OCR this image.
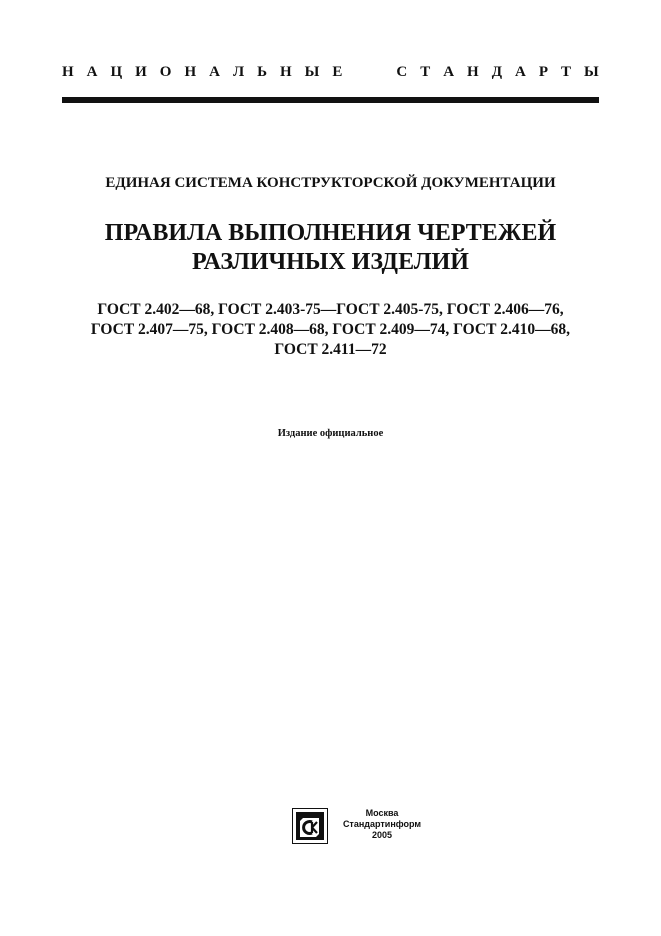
Н А Ц И О Н А Л Ь Н Ы Е	С Т А Н Д А Р Т Ы
ЕДИНАЯ СИСТЕМА КОНСТРУКТОРСКОЙ ДОКУМЕНТАЦИИ
ПРАВИЛА ВЫПОЛНЕНИЯ ЧЕРТЕЖЕЙ
РАЗЛИЧНЫХ ИЗДЕЛИЙ
ГОСТ 2.402—68, ГОСТ 2.403-75—ГОСТ 2.405-75, ГОСТ 2.406—76,
ГОСТ 2.407—75, ГОСТ 2.408—68, ГОСТ 2.409—74, ГОСТ 2.410—68,
ГОСТ 2.411—72
Издание официальное
Москва
Стандартинформ
2005
